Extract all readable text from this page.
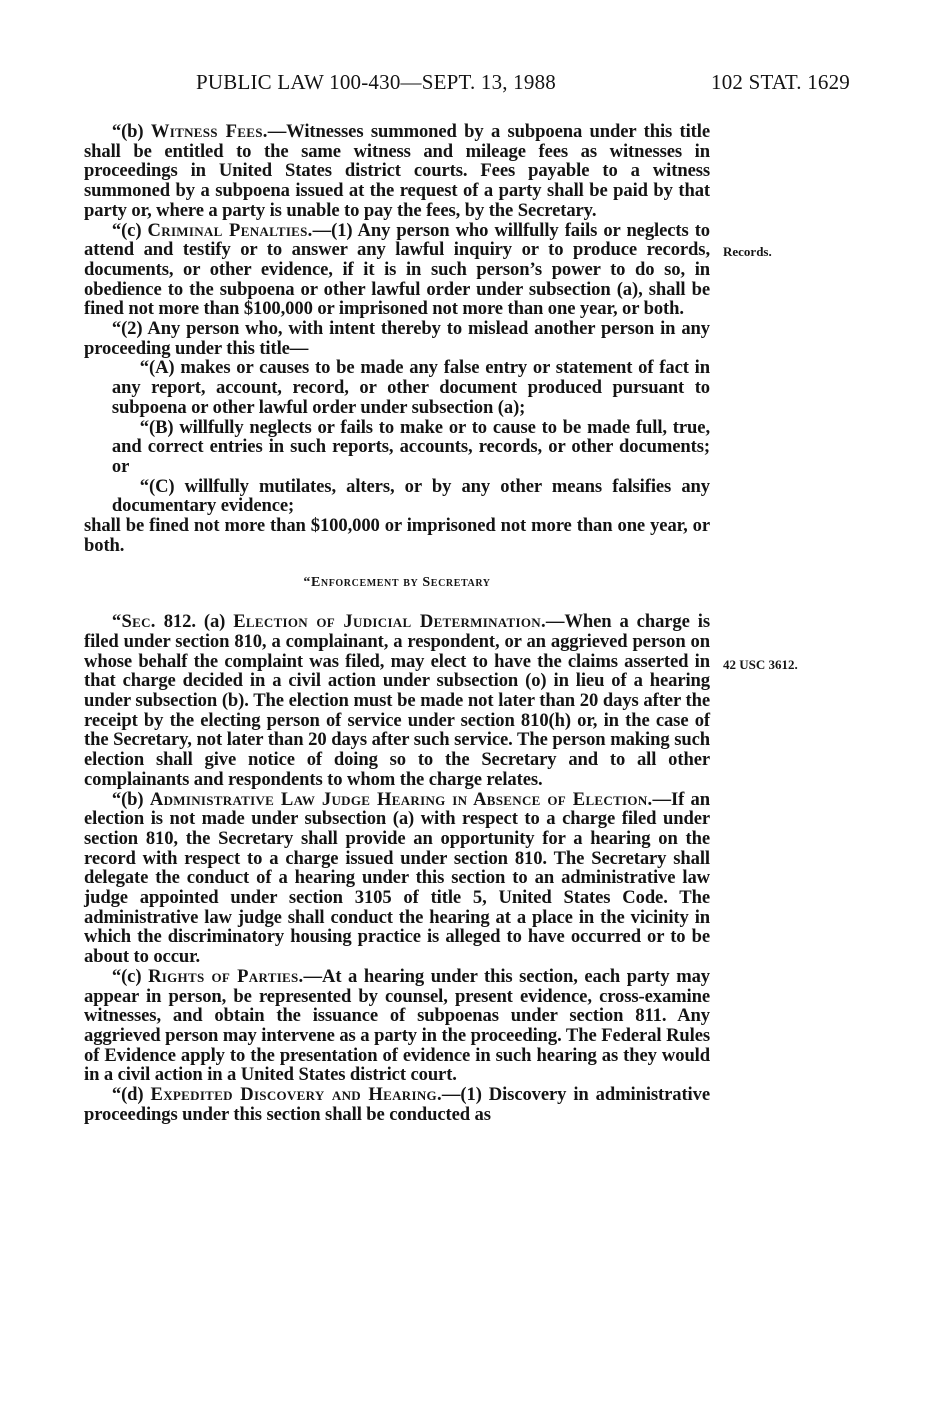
PUBLIC LAW 100-430—SEPT. 13, 1988	102 STAT. 1629
Records.
42 USC 3612.

“(b) Witness Fees.—Witnesses summoned by a subpoena under this title shall be entitled to the same witness and mileage fees as witnesses in proceedings in United States district courts. Fees payable to a witness summoned by a subpoena issued at the request of a party shall be paid by that party or, where a party is unable to pay the fees, by the Secretary.

“(c) Criminal Penalties.—(1) Any person who willfully fails or neglects to attend and testify or to answer any lawful inquiry or to produce records, documents, or other evidence, if it is in such person’s power to do so, in obedience to the subpoena or other lawful order under subsection (a), shall be fined not more than $100,000 or imprisoned not more than one year, or both.

“(2) Any person who, with intent thereby to mislead another person in any proceeding under this title—

“(A) makes or causes to be made any false entry or statement of fact in any report, account, record, or other document produced pursuant to subpoena or other lawful order under subsection (a);

“(B) willfully neglects or fails to make or to cause to be made full, true, and correct entries in such reports, accounts, records, or other documents; or

“(C) willfully mutilates, alters, or by any other means falsifies any documentary evidence;

shall be fined not more than $100,000 or imprisoned not more than one year, or both.

“Enforcement by Secretary

“Sec. 812. (a) Election of Judicial Determination.—When a charge is filed under section 810, a complainant, a respondent, or an aggrieved person on whose behalf the complaint was filed, may elect to have the claims asserted in that charge decided in a civil action under subsection (o) in lieu of a hearing under subsection (b). The election must be made not later than 20 days after the receipt by the electing person of service under section 810(h) or, in the case of the Secretary, not later than 20 days after such service. The person making such election shall give notice of doing so to the Secretary and to all other complainants and respondents to whom the charge relates.

“(b) Administrative Law Judge Hearing in Absence of Election.—If an election is not made under subsection (a) with respect to a charge filed under section 810, the Secretary shall provide an opportunity for a hearing on the record with respect to a charge issued under section 810. The Secretary shall delegate the conduct of a hearing under this section to an administrative law judge appointed under section 3105 of title 5, United States Code. The administrative law judge shall conduct the hearing at a place in the vicinity in which the discriminatory housing practice is alleged to have occurred or to be about to occur.

“(c) Rights of Parties.—At a hearing under this section, each party may appear in person, be represented by counsel, present evidence, cross-examine witnesses, and obtain the issuance of subpoenas under section 811. Any aggrieved person may intervene as a party in the proceeding. The Federal Rules of Evidence apply to the presentation of evidence in such hearing as they would in a civil action in a United States district court.

“(d) Expedited Discovery and Hearing.—(1) Discovery in administrative proceedings under this section shall be conducted as
